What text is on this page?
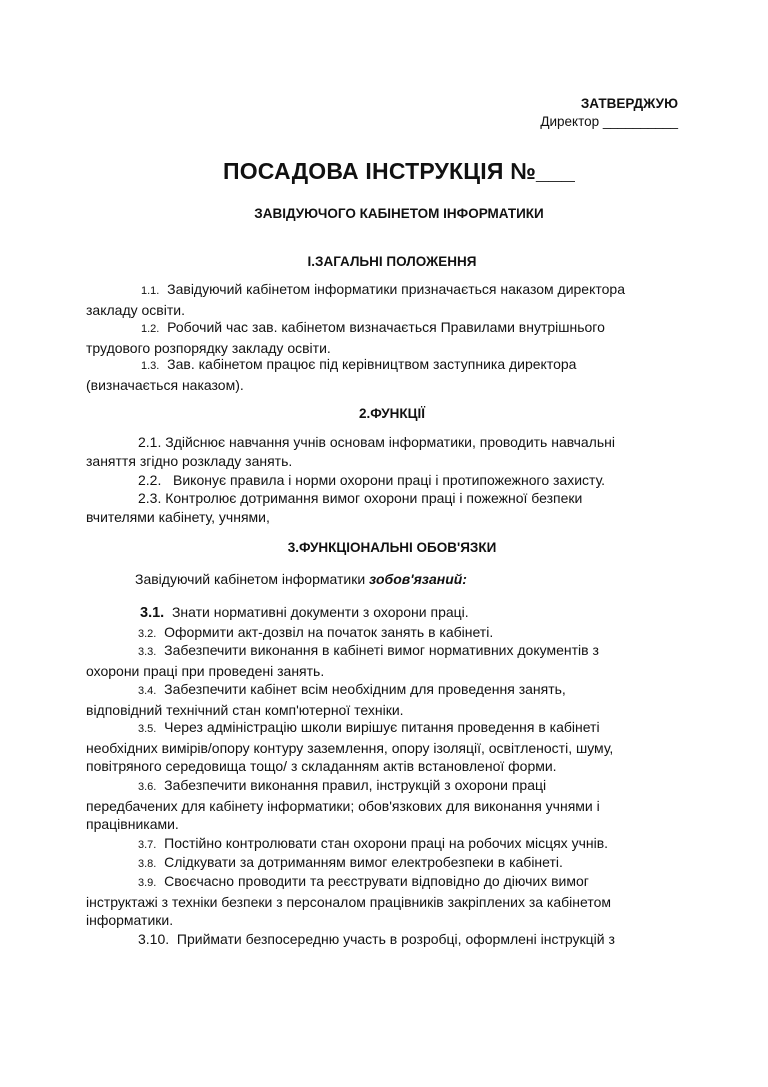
ЗАТВЕРДЖУЮ
Директор __________
ПОСАДОВА ІНСТРУКЦІЯ №___
ЗАВІДУЮЧОГО КАБІНЕТОМ ІНФОРМАТИКИ
І.ЗАГАЛЬНІ ПОЛОЖЕННЯ
1.1. Завідуючий кабінетом інформатики призначається наказом директора
закладу освіти.
1.2. Робочий час зав. кабінетом визначається Правилами внутрішнього
трудового розпорядку закладу освіти.
1.3. Зав. кабінетом працює під керівництвом заступника директора
(визначається наказом).
2.ФУНКЦІЇ
2.1. Здійснює навчання учнів основам інформатики, проводить навчальні
заняття згідно розкладу занять.
2.2.   Виконує правила і норми охорони праці і протипожежного захисту.
2.3. Контролює дотримання вимог охорони праці і пожежної безпеки
вчителями кабінету, учнями,
3.ФУНКЦІОНАЛЬНІ ОБОВ'ЯЗКИ
Завідуючий кабінетом інформатики зобов'язаний:
3.1. Знати нормативні документи з охорони праці.
3.2. Оформити акт-дозвіл на початок занять в кабінеті.
3.3. Забезпечити виконання в кабінеті вимог нормативних документів з
охорони праці при проведені занять.
3.4. Забезпечити кабінет всім необхідним для проведення занять,
відповідний технічний стан комп'ютерної техніки.
3.5. Через адміністрацію школи вирішує питання проведення в кабінеті
необхідних вимірів/опору контуру заземлення, опору ізоляції, освітленості, шуму,
повітряного середовища тощо/ з складанням актів встановленої форми.
3.6. Забезпечити виконання правил, інструкцій з охорони праці
передбачених для кабінету інформатики; обов'язкових для виконання учнями і
працівниками.
3.7. Постійно контролювати стан охорони праці на робочих місцях учнів.
3.8. Слідкувати за дотриманням вимог електробезпеки в кабінеті.
3.9. Своєчасно проводити та реєструвати відповідно до діючих вимог
інструктажі з техніки безпеки з персоналом працівників закріплених за кабінетом
інформатики.
3.10. Приймати безпосередню участь в розробці, оформлені інструкцій з
